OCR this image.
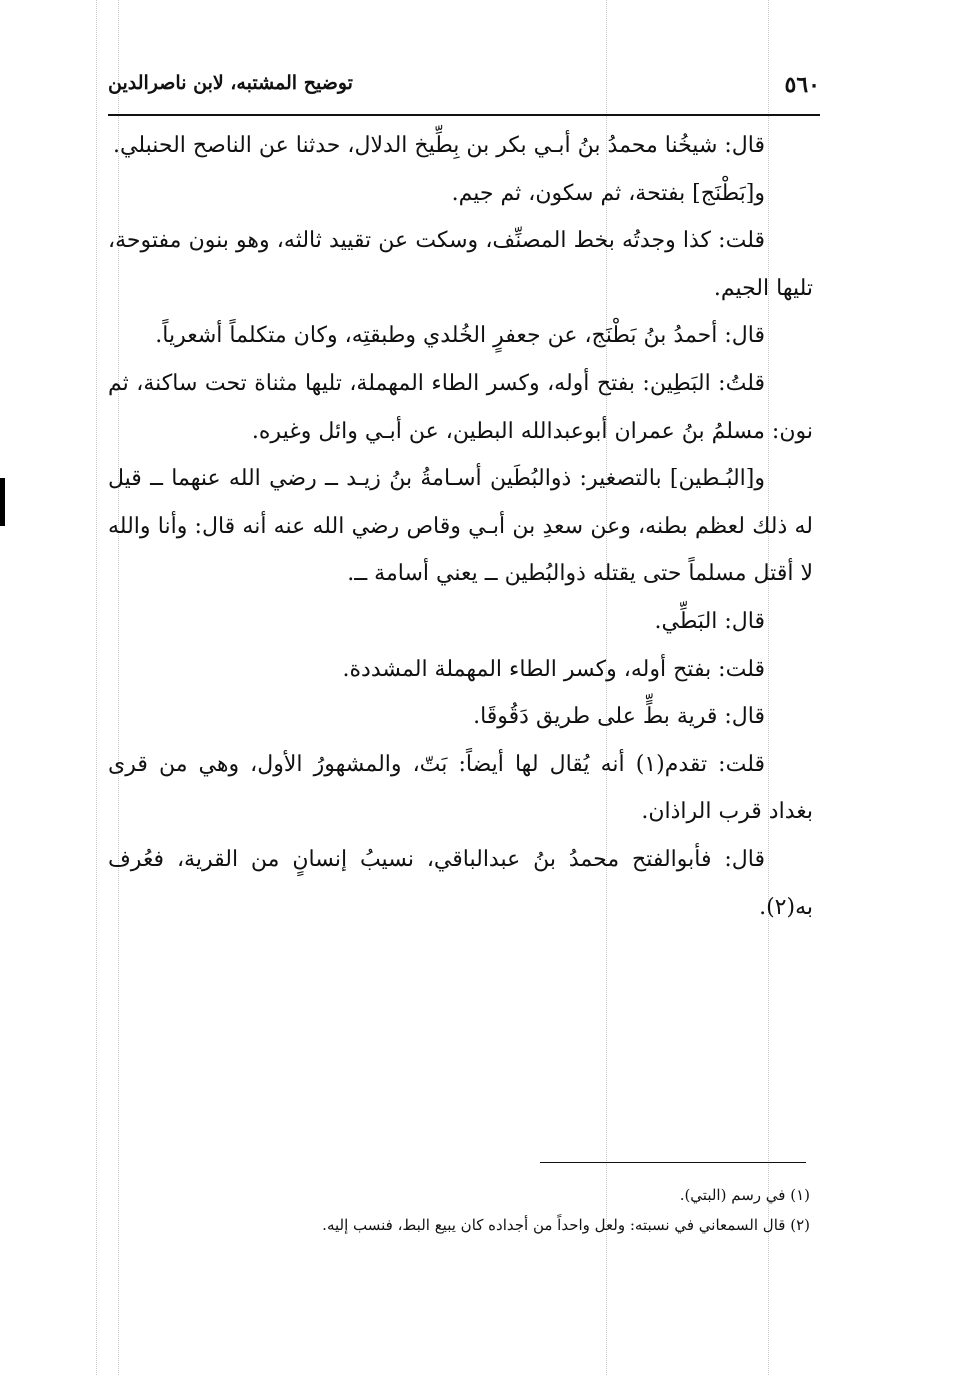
٥٦٠
توضيح المشتبه، لابن ناصرالدين

قال: شيخُنا محمدُ بنُ أبـي بكر بن بِطِّيخ الدلال، حدثنا عن الناصح الحنبلي.

و[بَطْنَج] بفتحة، ثم سكون، ثم جيم.

قلت: كذا وجدتُه بخط المصنِّف، وسكت عن تقييد ثالثه، وهو بنون مفتوحة، تليها الجيم.

قال: أحمدُ بنُ بَطْنَج، عن جعفرٍ الخُلدي وطبقتِه، وكان متكلماً أشعرياً.

قلتُ: البَطِين: بفتح أوله، وكسر الطاء المهملة، تليها مثناة تحت ساكنة، ثم نون: مسلمُ بنُ عمران أبوعبدالله البطين، عن أبـي وائل وغيره.

و[البُـطين] بالتصغير: ذوالبُطَين أسـامةُ بنُ زيـد ــ رضي الله عنهما ــ قيل له ذلك لعظم بطنه، وعن سعدِ بن أبـي وقاص رضي الله عنه أنه قال: وأنا والله لا أقتل مسلماً حتى يقتله ذوالبُطين ــ يعني أسامة ــ.

قال: البَطِّي.

قلت: بفتح أوله، وكسر الطاء المهملة المشددة.

قال: قرية بطٍّ على طريق دَقُوقَا.

قلت: تقدم(١) أنه يُقال لها أيضاً: بَتّ، والمشهورُ الأول، وهي من قرى بغداد قرب الراذان.

قال: فأبوالفتح محمدُ بنُ عبدالباقي، نسيبُ إنسانٍ من القرية، فعُرف به(٢).

(١) في رسم (البتي).

(٢) قال السمعاني في نسبته: ولعل واحداً من أجداده كان يبيع البط، فنسب إليه.
